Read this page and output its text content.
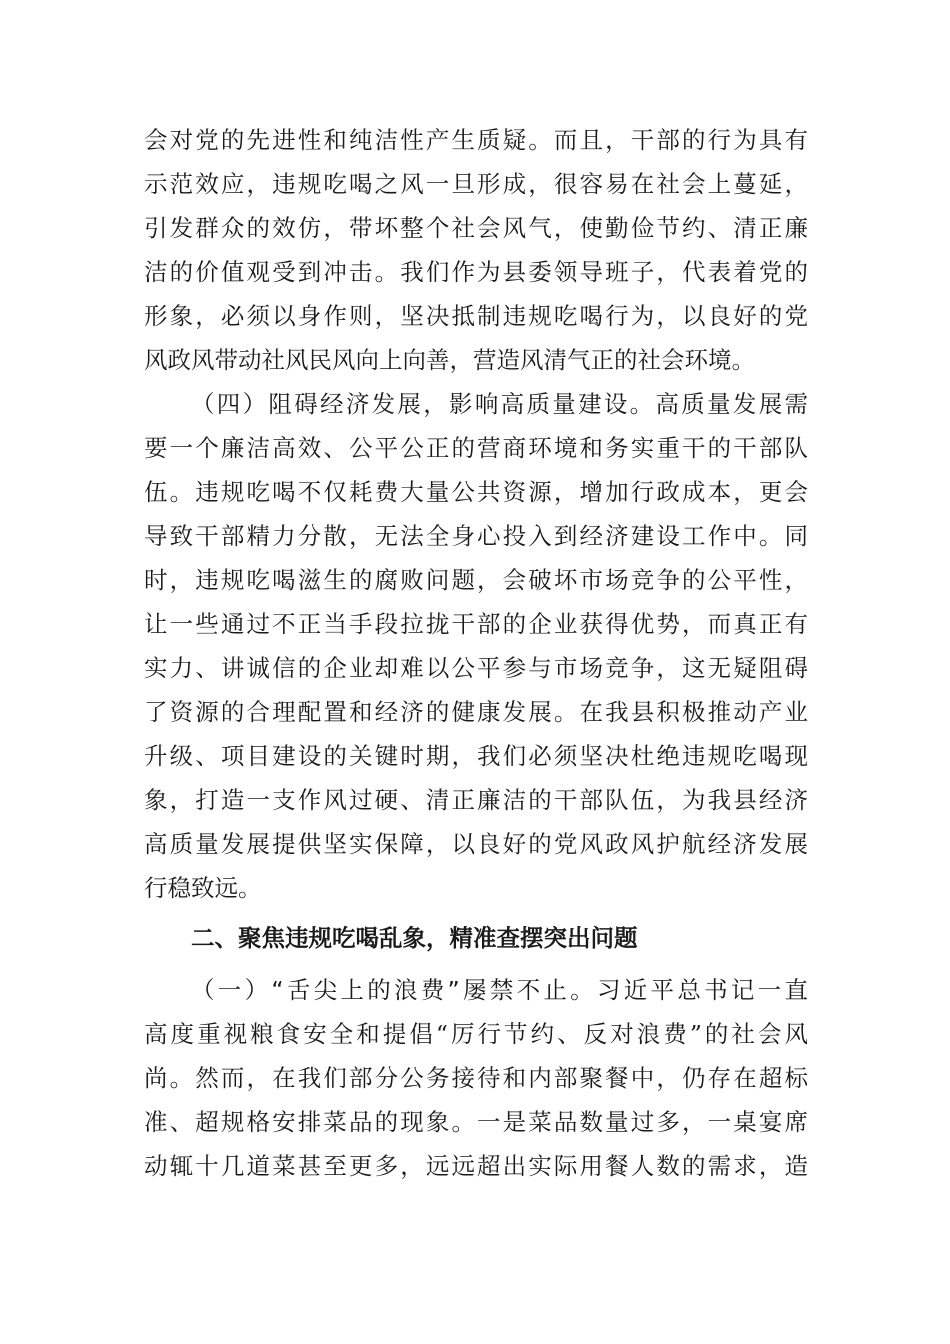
会对党的先进性和纯洁性产生质疑。而且，干部的行为具有
示范效应，违规吃喝之风一旦形成，很容易在社会上蔓延，
引发群众的效仿，带坏整个社会风气，使勤俭节约、清正廉
洁的价值观受到冲击。我们作为县委领导班子，代表着党的
形象，必须以身作则，坚决抵制违规吃喝行为，以良好的党
风政风带动社风民风向上向善，营造风清气正的社会环境。
（四）阻碍经济发展，影响高质量建设。高质量发展需
要一个廉洁高效、公平公正的营商环境和务实重干的干部队
伍。违规吃喝不仅耗费大量公共资源，增加行政成本，更会
导致干部精力分散，无法全身心投入到经济建设工作中。同
时，违规吃喝滋生的腐败问题，会破坏市场竞争的公平性，
让一些通过不正当手段拉拢干部的企业获得优势，而真正有
实力、讲诚信的企业却难以公平参与市场竞争，这无疑阻碍
了资源的合理配置和经济的健康发展。在我县积极推动产业
升级、项目建设的关键时期，我们必须坚决杜绝违规吃喝现
象，打造一支作风过硬、清正廉洁的干部队伍，为我县经济
高质量发展提供坚实保障，以良好的党风政风护航经济发展
行稳致远。
二、聚焦违规吃喝乱象，精准查摆突出问题
（一）“舌尖上的浪费”屡禁不止。习近平总书记一直
高度重视粮食安全和提倡“厉行节约、反对浪费”的社会风
尚。然而，在我们部分公务接待和内部聚餐中，仍存在超标
准、超规格安排菜品的现象。一是菜品数量过多，一桌宴席
动辄十几道菜甚至更多，远远超出实际用餐人数的需求，造
